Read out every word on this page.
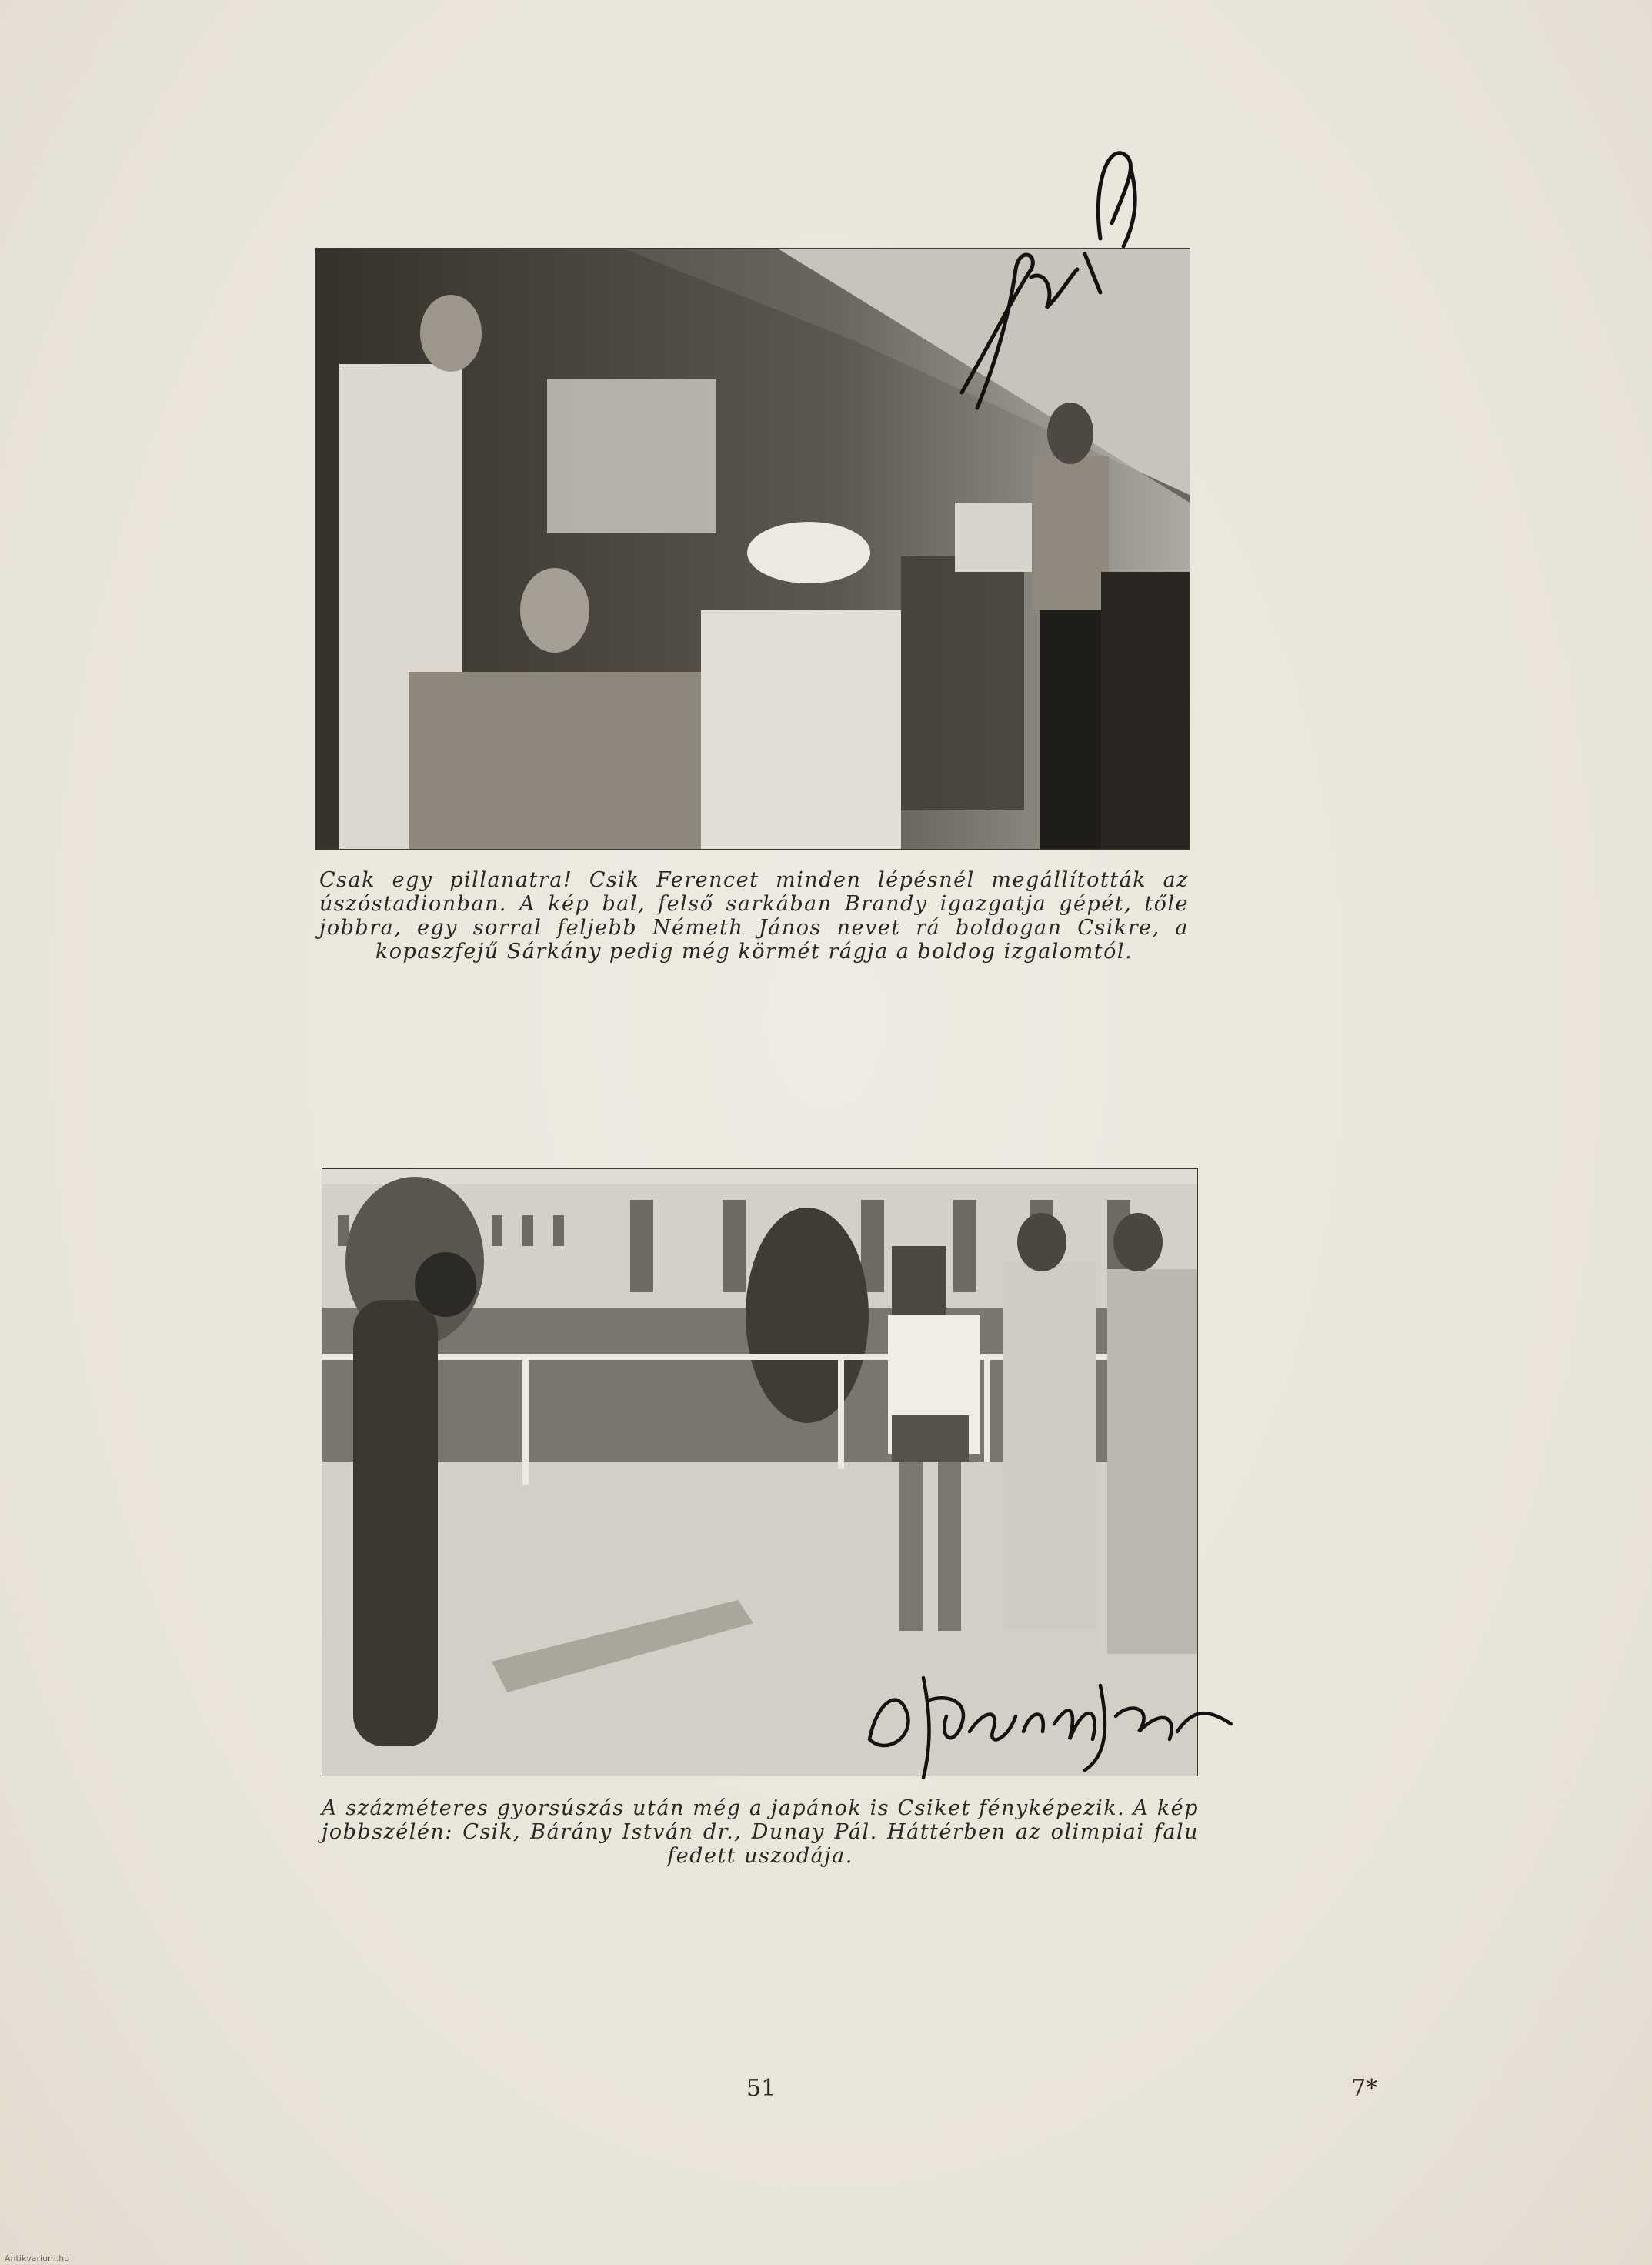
Csak egy pillanatra! Csik Ferencet minden lépésnél megállították az úszóstadionban. A kép bal, felső sarkában Brandy igazgatja gépét, tőle jobbra, egy sorral feljebb Németh János nevet rá boldogan Csikre, a kopaszfejű Sárkány pedig még körmét rágja a boldog izgalomtól.
A százméteres gyorsúszás után még a japánok is Csiket fényképezik. A kép jobbszélén: Csik, Bárány István dr., Dunay Pál. Háttérben az olimpiai falu fedett uszodája.
51	7*
Antikvarium.hu
